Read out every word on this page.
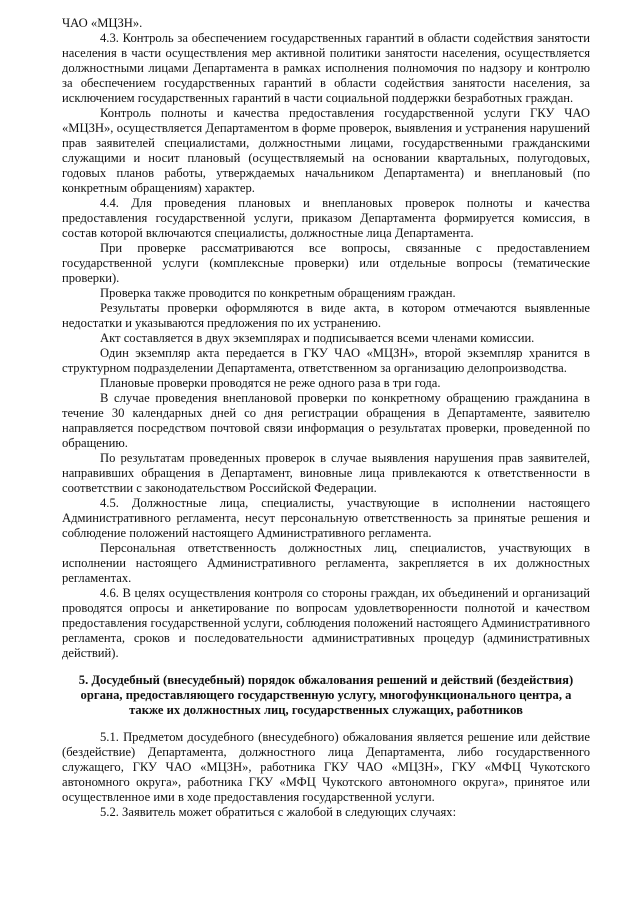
ЧАО «МЦЗН».

4.3. Контроль за обеспечением государственных гарантий в области содействия занятости населения в части осуществления мер активной политики занятости населения, осуществляется должностными лицами Департамента в рамках исполнения полномочия по надзору и контролю за обеспечением государственных гарантий в области содействия занятости населения, за исключением государственных гарантий в части социальной поддержки безработных граждан.

Контроль полноты и качества предоставления государственной услуги ГКУ ЧАО «МЦЗН», осуществляется Департаментом в форме проверок, выявления и устранения нарушений прав заявителей специалистами, должностными лицами, государственными гражданскими служащими и носит плановый (осуществляемый на основании квартальных, полугодовых, годовых планов работы, утверждаемых начальником Департамента) и внеплановый (по конкретным обращениям) характер.

4.4. Для проведения плановых и внеплановых проверок полноты и качества предоставления государственной услуги, приказом Департамента формируется комиссия, в состав которой включаются специалисты, должностные лица Департамента.

При проверке рассматриваются все вопросы, связанные с предоставлением государственной услуги (комплексные проверки) или отдельные вопросы (тематические проверки).

Проверка также проводится по конкретным обращениям граждан.

Результаты проверки оформляются в виде акта, в котором отмечаются выявленные недостатки и указываются предложения по их устранению.

Акт составляется в двух экземплярах и подписывается всеми членами комиссии.

Один экземпляр акта передается в ГКУ ЧАО «МЦЗН», второй экземпляр хранится в структурном подразделении Департамента, ответственном за организацию делопроизводства.

Плановые проверки проводятся не реже одного раза в три года.

В случае проведения внеплановой проверки по конкретному обращению гражданина в течение 30 календарных дней со дня регистрации обращения в Департаменте, заявителю направляется посредством почтовой связи информация о результатах проверки, проведенной по обращению.

По результатам проведенных проверок в случае выявления нарушения прав заявителей, направивших обращения в Департамент, виновные лица привлекаются к ответственности в соответствии с законодательством Российской Федерации.

4.5. Должностные лица, специалисты, участвующие в исполнении настоящего Административного регламента, несут персональную ответственность за принятые решения и соблюдение положений настоящего Административного регламента.

Персональная ответственность должностных лиц, специалистов, участвующих в исполнении настоящего Административного регламента, закрепляется в их должностных регламентах.

4.6. В целях осуществления контроля со стороны граждан, их объединений и организаций проводятся опросы и анкетирование по вопросам удовлетворенности полнотой и качеством предоставления государственной услуги, соблюдения положений настоящего Административного регламента, сроков и последовательности административных процедур (административных действий).

5. Досудебный (внесудебный) порядок обжалования решений и действий (бездействия) органа, предоставляющего государственную услугу, многофункционального центра, а также их должностных лиц, государственных служащих, работников

5.1. Предметом досудебного (внесудебного) обжалования является решение или действие (бездействие) Департамента, должностного лица Департамента, либо государственного служащего, ГКУ ЧАО «МЦЗН», работника ГКУ ЧАО «МЦЗН», ГКУ «МФЦ Чукотского автономного округа», работника ГКУ «МФЦ Чукотского автономного округа», принятое или осуществленное ими в ходе предоставления государственной услуги.

5.2. Заявитель может обратиться с жалобой в следующих случаях:
